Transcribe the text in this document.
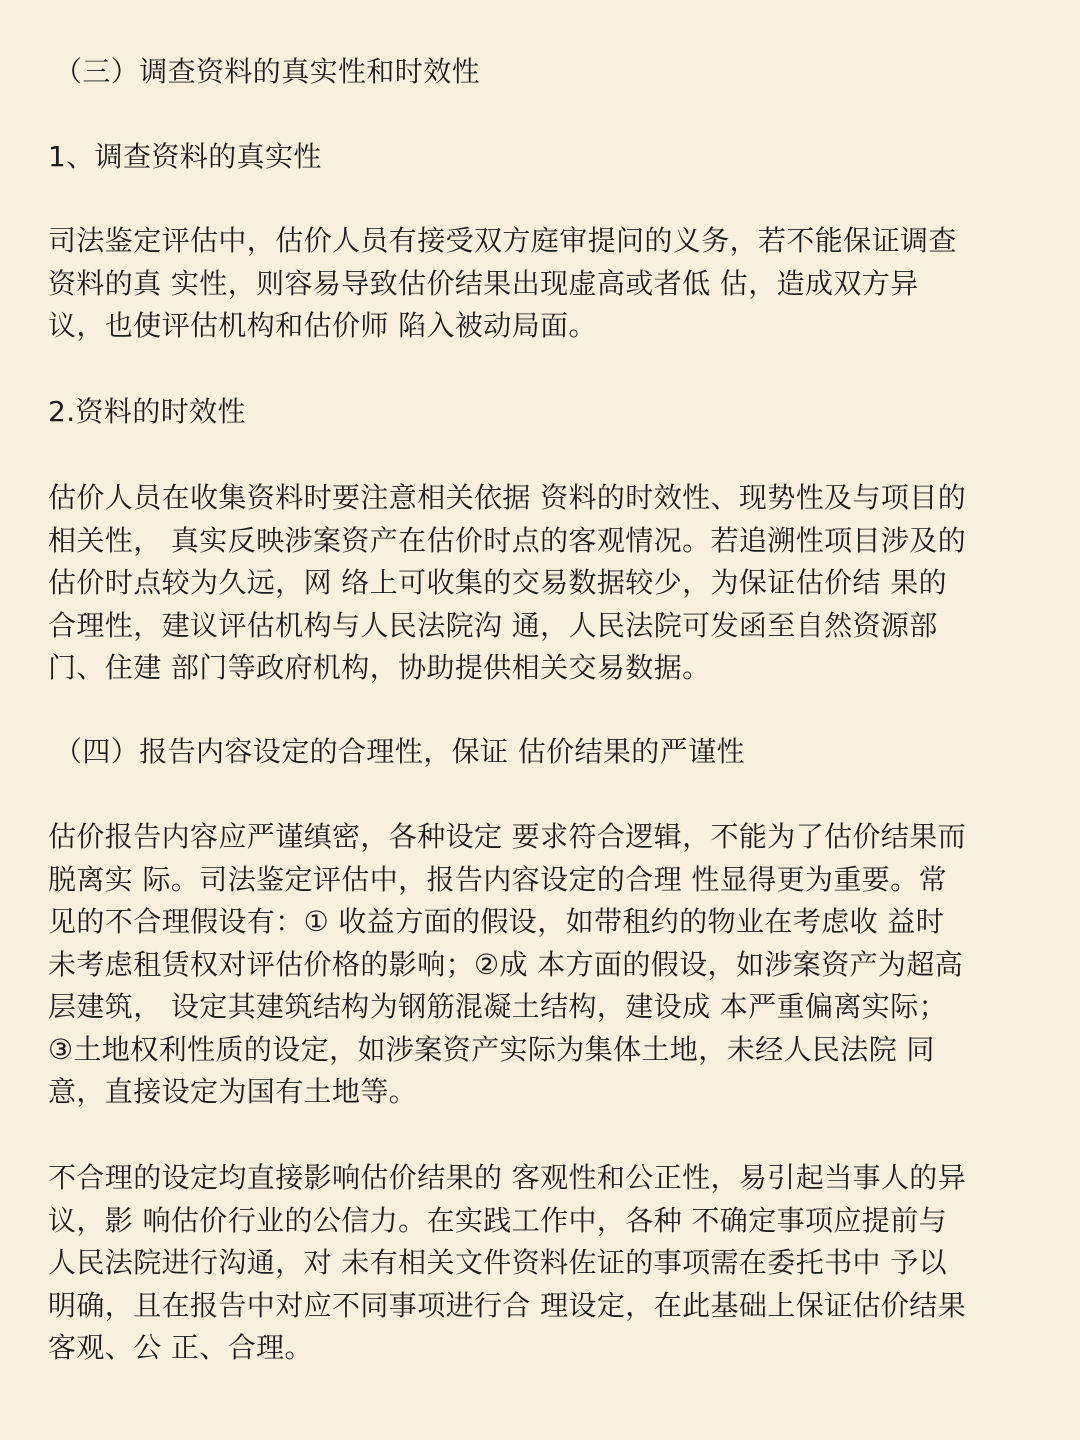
（三）调查资料的真实性和时效性
1、调查资料的真实性
司法鉴定评估中，估价人员有接受双方庭审提问的义务，若不能保证调查
资料的真 实性，则容易导致估价结果出现虚高或者低 估，造成双方异
议，也使评估机构和估价师 陷入被动局面。
2.资料的时效性
估价人员在收集资料时要注意相关依据 资料的时效性、现势性及与项目的
相关性， 真实反映涉案资产在估价时点的客观情况。若追溯性项目涉及的
估价时点较为久远，网 络上可收集的交易数据较少，为保证估价结 果的
合理性，建议评估机构与人民法院沟 通，人民法院可发函至自然资源部
门、住建 部门等政府机构，协助提供相关交易数据。
（四）报告内容设定的合理性，保证 估价结果的严谨性
估价报告内容应严谨缜密，各种设定 要求符合逻辑，不能为了估价结果而
脱离实 际。司法鉴定评估中，报告内容设定的合理 性显得更为重要。常
见的不合理假设有：① 收益方面的假设，如带租约的物业在考虑收 益时
未考虑租赁权对评估价格的影响；②成 本方面的假设，如涉案资产为超高
层建筑， 设定其建筑结构为钢筋混凝土结构，建设成 本严重偏离实际；
③土地权利性质的设定，如涉案资产实际为集体土地，未经人民法院 同
意，直接设定为国有土地等。
不合理的设定均直接影响估价结果的 客观性和公正性，易引起当事人的异
议，影 响估价行业的公信力。在实践工作中，各种 不确定事项应提前与
人民法院进行沟通，对 未有相关文件资料佐证的事项需在委托书中 予以
明确，且在报告中对应不同事项进行合 理设定，在此基础上保证估价结果
客观、公 正、合理。
